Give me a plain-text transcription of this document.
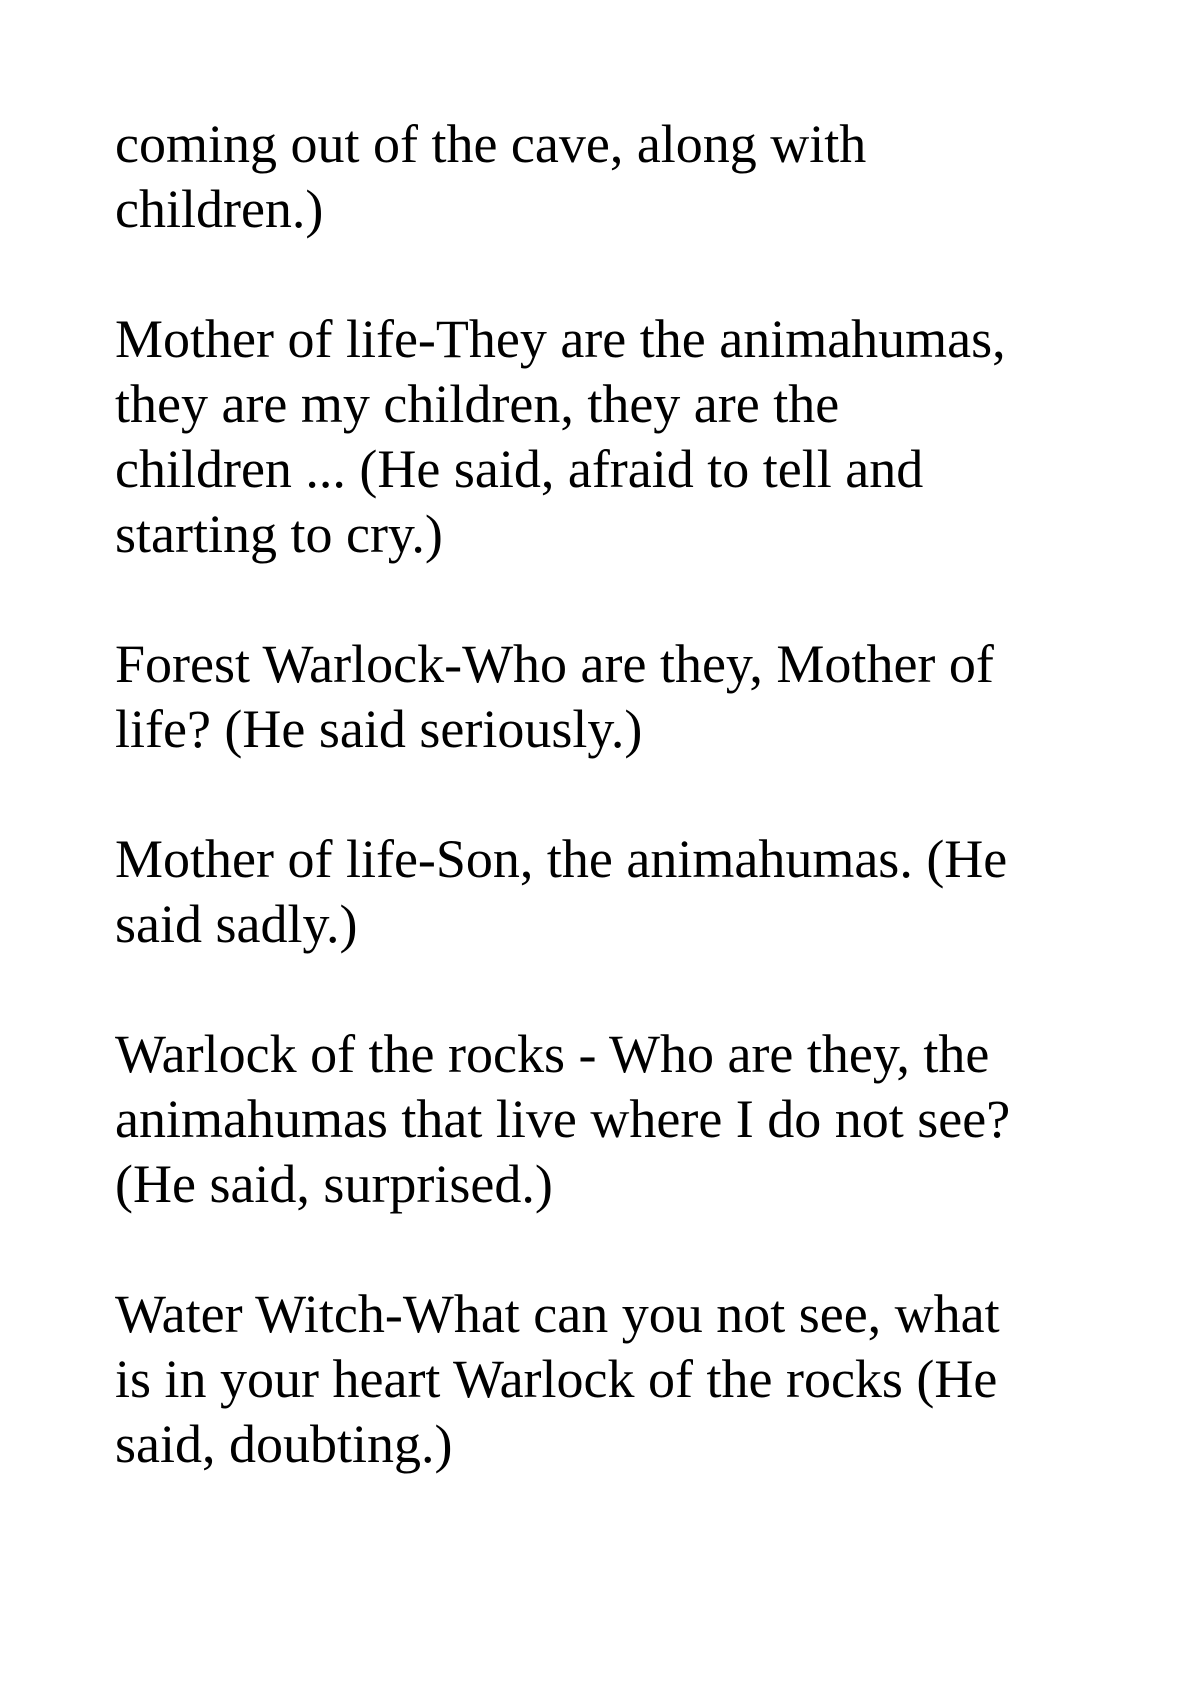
coming out of the cave, along with
children.)

Mother of life-They are the animahumas,
they are my children, they are the
children ... (He said, afraid to tell and
starting to cry.)

Forest Warlock-Who are they, Mother of
life? (He said seriously.)

Mother of life-Son, the animahumas. (He
said sadly.)

Warlock of the rocks - Who are they, the
animahumas that live where I do not see?
(He said, surprised.)

Water Witch-What can you not see, what
is in your heart Warlock of the rocks (He
said, doubting.)
